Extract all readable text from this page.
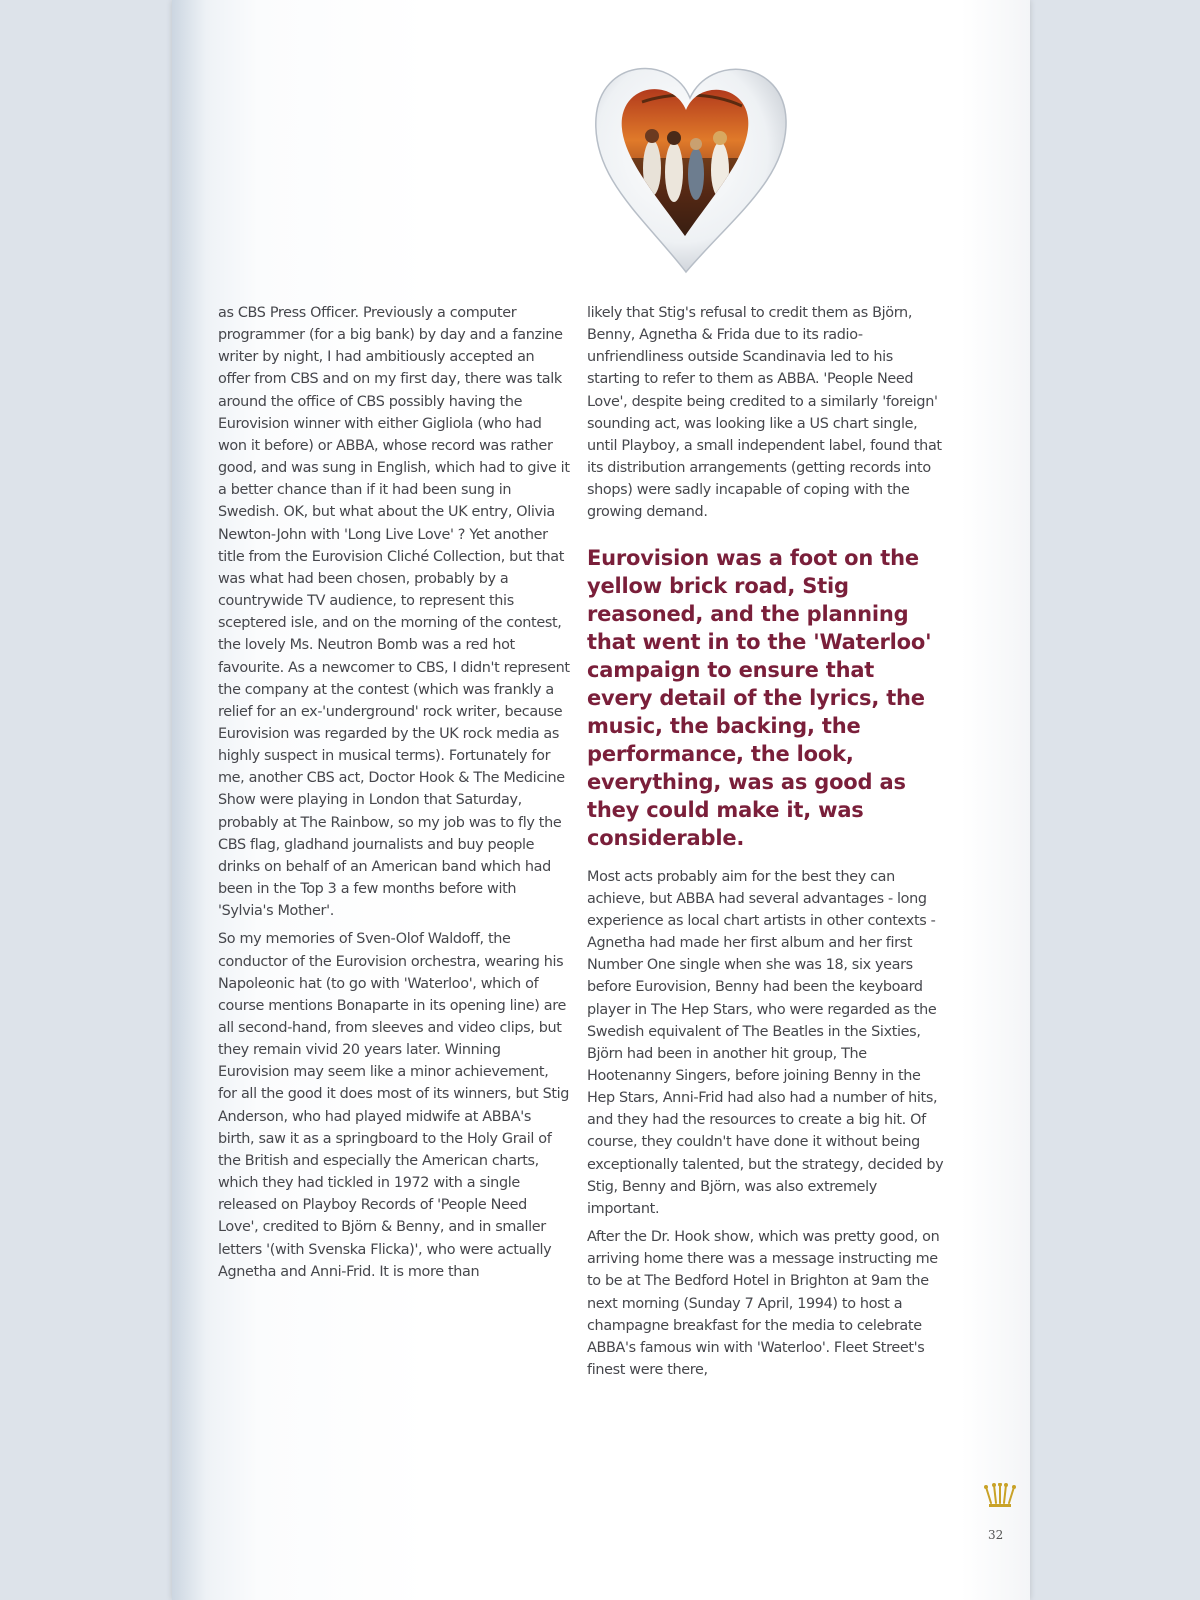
as CBS Press Officer. Previously a computer programmer (for a big bank) by day and a fanzine writer by night, I had ambitiously accepted an offer from CBS and on my first day, there was talk around the office of CBS possibly having the Eurovision winner with either Gigliola (who had won it before) or ABBA, whose record was rather good, and was sung in English, which had to give it a better chance than if it had been sung in Swedish. OK, but what about the UK entry, Olivia Newton-John with 'Long Live Love' ? Yet another title from the Eurovision Cliché Collection, but that was what had been chosen, probably by a countrywide TV audience, to represent this sceptered isle, and on the morning of the contest, the lovely Ms. Neutron Bomb was a red hot favourite. As a newcomer to CBS, I didn't represent the company at the contest (which was frankly a relief for an ex-'underground' rock writer, because Eurovision was regarded by the UK rock media as highly suspect in musical terms). Fortunately for me, another CBS act, Doctor Hook & The Medicine Show were playing in London that Saturday, probably at The Rainbow, so my job was to fly the CBS flag, gladhand journalists and buy people drinks on behalf of an American band which had been in the Top 3 a few months before with 'Sylvia's Mother'.

So my memories of Sven-Olof Waldoff, the conductor of the Eurovision orchestra, wearing his Napoleonic hat (to go with 'Waterloo', which of course mentions Bonaparte in its opening line) are all second-hand, from sleeves and video clips, but they remain vivid 20 years later. Winning Eurovision may seem like a minor achievement, for all the good it does most of its winners, but Stig Anderson, who had played midwife at ABBA's birth, saw it as a springboard to the Holy Grail of the British and especially the American charts, which they had tickled in 1972 with a single released on Playboy Records of 'People Need Love', credited to Björn & Benny, and in smaller letters '(with Svenska Flicka)', who were actually Agnetha and Anni-Frid. It is more than

likely that Stig's refusal to credit them as Björn, Benny, Agnetha & Frida due to its radio-unfriendliness outside Scandinavia led to his starting to refer to them as ABBA. 'People Need Love', despite being credited to a similarly 'foreign' sounding act, was looking like a US chart single, until Playboy, a small independent label, found that its distribution arrangements (getting records into shops) were sadly incapable of coping with the growing demand.

Eurovision was a foot on the yellow brick road, Stig reasoned, and the planning that went in to the 'Waterloo' campaign to ensure that every detail of the lyrics, the music, the backing, the performance, the look, everything, was as good as they could make it, was considerable.

Most acts probably aim for the best they can achieve, but ABBA had several advantages - long experience as local chart artists in other contexts - Agnetha had made her first album and her first Number One single when she was 18, six years before Eurovision, Benny had been the keyboard player in The Hep Stars, who were regarded as the Swedish equivalent of The Beatles in the Sixties, Björn had been in another hit group, The Hootenanny Singers, before joining Benny in the Hep Stars, Anni-Frid had also had a number of hits, and they had the resources to create a big hit. Of course, they couldn't have done it without being exceptionally talented, but the strategy, decided by Stig, Benny and Björn, was also extremely important.

After the Dr. Hook show, which was pretty good, on arriving home there was a message instructing me to be at The Bedford Hotel in Brighton at 9am the next morning (Sunday 7 April, 1994) to host a champagne breakfast for the media to celebrate ABBA's famous win with 'Waterloo'. Fleet Street's finest were there,

32
